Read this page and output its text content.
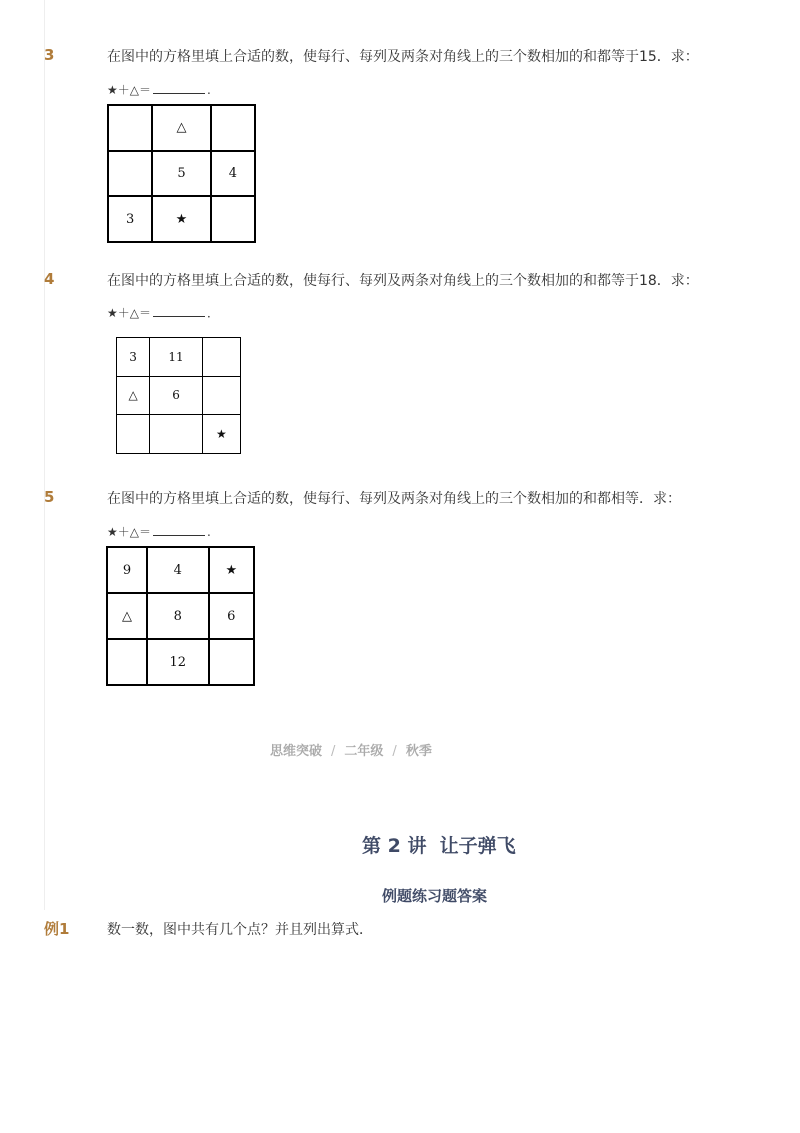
3	在图中的方格里填上合适的数，使每行、每列及两条对角线上的三个数相加的和都等于15．求：
★＋△＝	.
	△	
	5	4
3	★	
4	在图中的方格里填上合适的数，使每行、每列及两条对角线上的三个数相加的和都等于18．求：
★＋△＝	．
3	11	
△	6	
		★
5	在图中的方格里填上合适的数，使每行、每列及两条对角线上的三个数相加的和都相等．求：
★＋△＝	.
9	4	★
△	8	6
	12	
思维突破 / 二年级 / 秋季
第 2 讲  让子弹飞
例题练习题答案
例1	数一数，图中共有几个点？并且列出算式．
